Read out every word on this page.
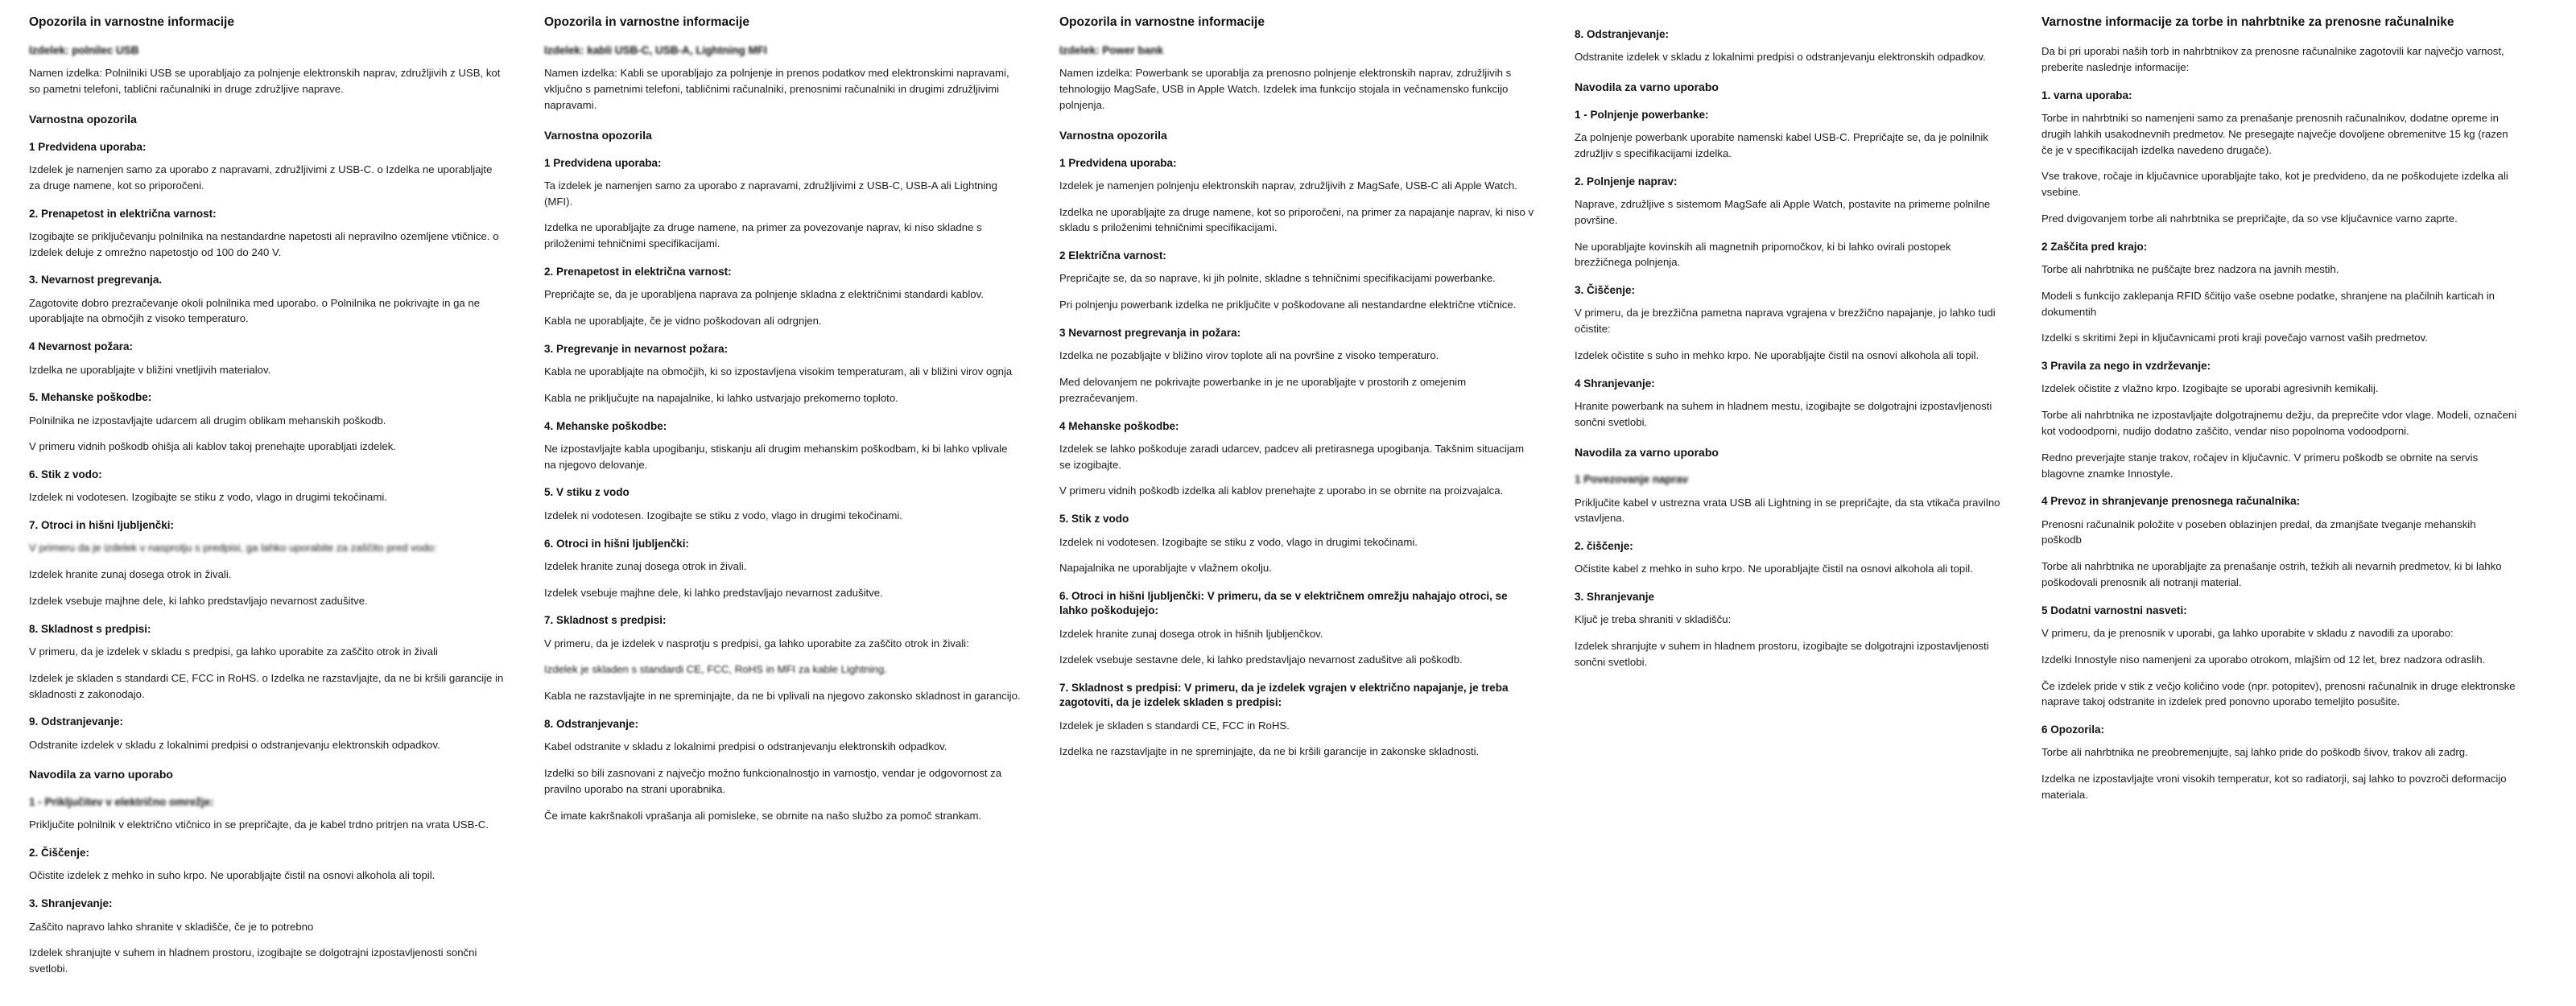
Opozorila in varnostne informacije
Izdelek: polnilec USB

Namen izdelka: Polnilniki USB se uporabljajo za polnjenje elektronskih naprav, združljivih z USB, kot so pametni telefoni, tablični računalniki in druge združljive naprave.

Varnostna opozorila
1 Predvidena uporaba:

Izdelek je namenjen samo za uporabo z napravami, združljivimi z USB-C. o Izdelka ne uporabljajte za druge namene, kot so priporočeni.

2. Prenapetost in električna varnost:

Izogibajte se priključevanju polnilnika na nestandardne napetosti ali nepravilno ozemljene vtičnice. o Izdelek deluje z omrežno napetostjo od 100 do 240 V.

3. Nevarnost pregrevanja.

Zagotovite dobro prezračevanje okoli polnilnika med uporabo. o Polnilnika ne pokrivajte in ga ne uporabljajte na območjih z visoko temperaturo.

4 Nevarnost požara:

Izdelka ne uporabljajte v bližini vnetljivih materialov.

5. Mehanske poškodbe:

Polnilnika ne izpostavljajte udarcem ali drugim oblikam mehanskih poškodb.

V primeru vidnih poškodb ohišja ali kablov takoj prenehajte uporabljati izdelek.

6. Stik z vodo:

Izdelek ni vodotesen. Izogibajte se stiku z vodo, vlago in drugimi tekočinami.

7. Otroci in hišni ljubljenčki:

V primeru da je izdelek v nasprotju s predpisi, ga lahko uporabite za zaščito pred vodo:

Izdelek hranite zunaj dosega otrok in živali.

Izdelek vsebuje majhne dele, ki lahko predstavljajo nevarnost zadušitve.

8. Skladnost s predpisi:

V primeru, da je izdelek v skladu s predpisi, ga lahko uporabite za zaščito otrok in živali

Izdelek je skladen s standardi CE, FCC in RoHS. o Izdelka ne razstavljajte, da ne bi kršili garancije in skladnosti z zakonodajo.

9. Odstranjevanje:

Odstranite izdelek v skladu z lokalnimi predpisi o odstranjevanju elektronskih odpadkov.

Navodila za varno uporabo
1 - Priključitev v električno omrežje:

Priključite polnilnik v električno vtičnico in se prepričajte, da je kabel trdno pritrjen na vrata USB-C.

2. Čiščenje:

Očistite izdelek z mehko in suho krpo. Ne uporabljajte čistil na osnovi alkohola ali topil.

3. Shranjevanje:

Zaščito napravo lahko shranite v skladišče, če je to potrebno

Izdelek shranjujte v suhem in hladnem prostoru, izogibajte se dolgotrajni izpostavljenosti sončni svetlobi.

Opozorila in varnostne informacije
Izdelek: kabli USB-C, USB-A, Lightning MFI

Namen izdelka: Kabli se uporabljajo za polnjenje in prenos podatkov med elektronskimi napravami, vključno s pametnimi telefoni, tabličnimi računalniki, prenosnimi računalniki in drugimi združljivimi napravami.

Varnostna opozorila
1 Predvidena uporaba:

Ta izdelek je namenjen samo za uporabo z napravami, združljivimi z USB-C, USB-A ali Lightning (MFI).

Izdelka ne uporabljajte za druge namene, na primer za povezovanje naprav, ki niso skladne s priloženimi tehničnimi specifikacijami.

2. Prenapetost in električna varnost:

Prepričajte se, da je uporabljena naprava za polnjenje skladna z električnimi standardi kablov.

Kabla ne uporabljajte, če je vidno poškodovan ali odrgnjen.

3. Pregrevanje in nevarnost požara:

Kabla ne uporabljajte na območjih, ki so izpostavljena visokim temperaturam, ali v bližini virov ognja

Kabla ne priključujte na napajalnike, ki lahko ustvarjajo prekomerno toploto.

4. Mehanske poškodbe:

Ne izpostavljajte kabla upogibanju, stiskanju ali drugim mehanskim poškodbam, ki bi lahko vplivale na njegovo delovanje.

5. V stiku z vodo

Izdelek ni vodotesen. Izogibajte se stiku z vodo, vlago in drugimi tekočinami.

6. Otroci in hišni ljubljenčki:

Izdelek hranite zunaj dosega otrok in živali.

Izdelek vsebuje majhne dele, ki lahko predstavljajo nevarnost zadušitve.

7. Skladnost s predpisi:

V primeru, da je izdelek v nasprotju s predpisi, ga lahko uporabite za zaščito otrok in živali:

Izdelek je skladen s standardi CE, FCC, RoHS in MFI za kable Lightning.

Kabla ne razstavljajte in ne spreminjajte, da ne bi vplivali na njegovo zakonsko skladnost in garancijo.

8. Odstranjevanje:

Kabel odstranite v skladu z lokalnimi predpisi o odstranjevanju elektronskih odpadkov.

Izdelki so bili zasnovani z največjo možno funkcionalnostjo in varnostjo, vendar je odgovornost za pravilno uporabo na strani uporabnika.

Če imate kakršnakoli vprašanja ali pomisleke, se obrnite na našo službo za pomoč strankam.

Opozorila in varnostne informacije
Izdelek: Power bank

Namen izdelka: Powerbank se uporablja za prenosno polnjenje elektronskih naprav, združljivih s tehnologijo MagSafe, USB in Apple Watch. Izdelek ima funkcijo stojala in večnamensko funkcijo polnjenja.

Varnostna opozorila
1 Predvidena uporaba:

Izdelek je namenjen polnjenju elektronskih naprav, združljivih z MagSafe, USB-C ali Apple Watch.

Izdelka ne uporabljajte za druge namene, kot so priporočeni, na primer za napajanje naprav, ki niso v skladu s priloženimi tehničnimi specifikacijami.

2 Električna varnost:

Prepričajte se, da so naprave, ki jih polnite, skladne s tehničnimi specifikacijami powerbanke.

Pri polnjenju powerbank izdelka ne priključite v poškodovane ali nestandardne električne vtičnice.

3 Nevarnost pregrevanja in požara:

Izdelka ne pozabljajte v bližino virov toplote ali na površine z visoko temperaturo.

Med delovanjem ne pokrivajte powerbanke in je ne uporabljajte v prostorih z omejenim prezračevanjem.

4 Mehanske poškodbe:

Izdelek se lahko poškoduje zaradi udarcev, padcev ali pretirasnega upogibanja. Takšnim situacijam se izogibajte.

V primeru vidnih poškodb izdelka ali kablov prenehajte z uporabo in se obrnite na proizvajalca.

5. Stik z vodo

Izdelek ni vodotesen. Izogibajte se stiku z vodo, vlago in drugimi tekočinami.

Napajalnika ne uporabljajte v vlažnem okolju.

6. Otroci in hišni ljubljenčki: V primeru, da se v električnem omrežju nahajajo otroci, se lahko poškodujejo:

Izdelek hranite zunaj dosega otrok in hišnih ljubljenčkov.

Izdelek vsebuje sestavne dele, ki lahko predstavljajo nevarnost zadušitve ali poškodb.

7. Skladnost s predpisi: V primeru, da je izdelek vgrajen v električno napajanje, je treba zagotoviti, da je izdelek skladen s predpisi:

Izdelek je skladen s standardi CE, FCC in RoHS.

Izdelka ne razstavljajte in ne spreminjajte, da ne bi kršili garancije in zakonske skladnosti.

8. Odstranjevanje:

Odstranite izdelek v skladu z lokalnimi predpisi o odstranjevanju elektronskih odpadkov.

Navodila za varno uporabo
1 - Polnjenje powerbanke:

Za polnjenje powerbank uporabite namenski kabel USB-C. Prepričajte se, da je polnilnik združljiv s specifikacijami izdelka.

2. Polnjenje naprav:

Naprave, združljive s sistemom MagSafe ali Apple Watch, postavite na primerne polnilne površine.

Ne uporabljajte kovinskih ali magnetnih pripomočkov, ki bi lahko ovirali postopek brezžičnega polnjenja.

3. Čiščenje:

V primeru, da je brezžična pametna naprava vgrajena v brezžično napajanje, jo lahko tudi očistite:

Izdelek očistite s suho in mehko krpo. Ne uporabljajte čistil na osnovi alkohola ali topil.

4 Shranjevanje:

Hranite powerbank na suhem in hladnem mestu, izogibajte se dolgotrajni izpostavljenosti sončni svetlobi.

Navodila za varno uporabo
1 Povezovanje naprav

Priključite kabel v ustrezna vrata USB ali Lightning in se prepričajte, da sta vtikača pravilno vstavljena.

2. čiščenje:

Očistite kabel z mehko in suho krpo. Ne uporabljajte čistil na osnovi alkohola ali topil.

3. Shranjevanje

Ključ je treba shraniti v skladišču:

Izdelek shranjujte v suhem in hladnem prostoru, izogibajte se dolgotrajni izpostavljenosti sončni svetlobi.

Varnostne informacije za torbe in nahrbtnike za prenosne računalnike

Da bi pri uporabi naših torb in nahrbtnikov za prenosne računalnike zagotovili kar največjo varnost, preberite naslednje informacije:

1. varna uporaba:

Torbe in nahrbtniki so namenjeni samo za prenašanje prenosnih računalnikov, dodatne opreme in drugih lahkih usakodnevnih predmetov. Ne presegajte največje dovoljene obremenitve 15 kg (razen če je v specifikacijah izdelka navedeno drugače).

Vse trakove, ročaje in ključavnice uporabljajte tako, kot je predvideno, da ne poškodujete izdelka ali vsebine.

Pred dvigovanjem torbe ali nahrbtnika se prepričajte, da so vse ključavnice varno zaprte.

2 Zaščita pred krajo:

Torbe ali nahrbtnika ne puščajte brez nadzora na javnih mestih.

Modeli s funkcijo zaklepanja RFID ščitijo vaše osebne podatke, shranjene na plačilnih karticah in dokumentih

Izdelki s skritimi žepi in ključavnicami proti kraji povečajo varnost vaših predmetov.

3 Pravila za nego in vzdrževanje:

Izdelek očistite z vlažno krpo. Izogibajte se uporabi agresivnih kemikalij.

Torbe ali nahrbtnika ne izpostavljajte dolgotrajnemu dežju, da preprečite vdor vlage. Modeli, označeni kot vodoodporni, nudijo dodatno zaščito, vendar niso popolnoma vodoodporni.

Redno preverjajte stanje trakov, ročajev in ključavnic. V primeru poškodb se obrnite na servis blagovne znamke Innostyle.

4 Prevoz in shranjevanje prenosnega računalnika:

Prenosni računalnik položite v poseben oblazinjen predal, da zmanjšate tveganje mehanskih poškodb

Torbe ali nahrbtnika ne uporabljajte za prenašanje ostrih, težkih ali nevarnih predmetov, ki bi lahko poškodovali prenosnik ali notranji material.

5 Dodatni varnostni nasveti:

V primeru, da je prenosnik v uporabi, ga lahko uporabite v skladu z navodili za uporabo:

Izdelki Innostyle niso namenjeni za uporabo otrokom, mlajšim od 12 let, brez nadzora odraslih.

Če izdelek pride v stik z večjo količino vode (npr. potopitev), prenosni računalnik in druge elektronske naprave takoj odstranite in izdelek pred ponovno uporabo temeljito posušite.

6 Opozorila:

Torbe ali nahrbtnika ne preobremenjujte, saj lahko pride do poškodb šivov, trakov ali zadrg.

Izdelka ne izpostavljajte vroni visokih temperatur, kot so radiatorji, saj lahko to povzroči deformacijo materiala.
